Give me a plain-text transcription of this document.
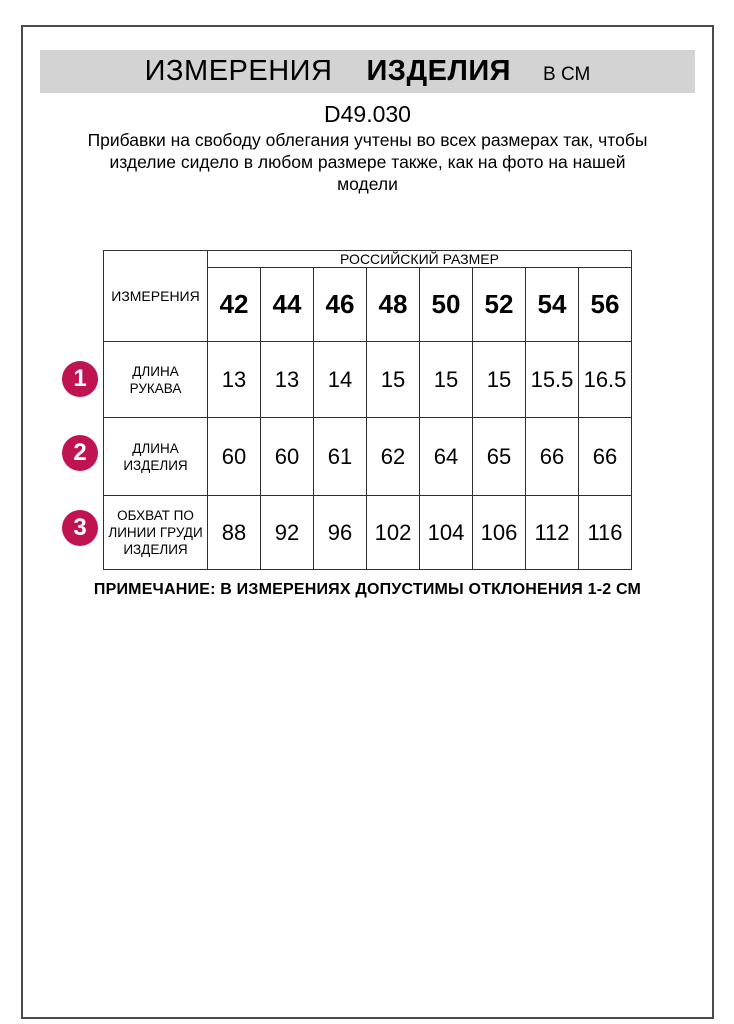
ИЗМЕРЕНИЯ ИЗДЕЛИЯ В СМ
D49.030
Прибавки на свободу облегания учтены во всех размерах так, чтобы
изделие сидело в любом размере также, как на фото на нашей
модели
ИЗМЕРЕНИЯ	РОССИЙСКИЙ РАЗМЕР							
	42	44	46	48	50	52	54	56
ДЛИНА РУКАВА	13	13	14	15	15	15	15.5	16.5
ДЛИНА ИЗДЕЛИЯ	60	60	61	62	64	65	66	66
ОБХВАТ ПО ЛИНИИ ГРУДИ ИЗДЕЛИЯ	88	92	96	102	104	106	112	116
1
2
3
ПРИМЕЧАНИЕ: В ИЗМЕРЕНИЯХ ДОПУСТИМЫ ОТКЛОНЕНИЯ 1-2 СМ
